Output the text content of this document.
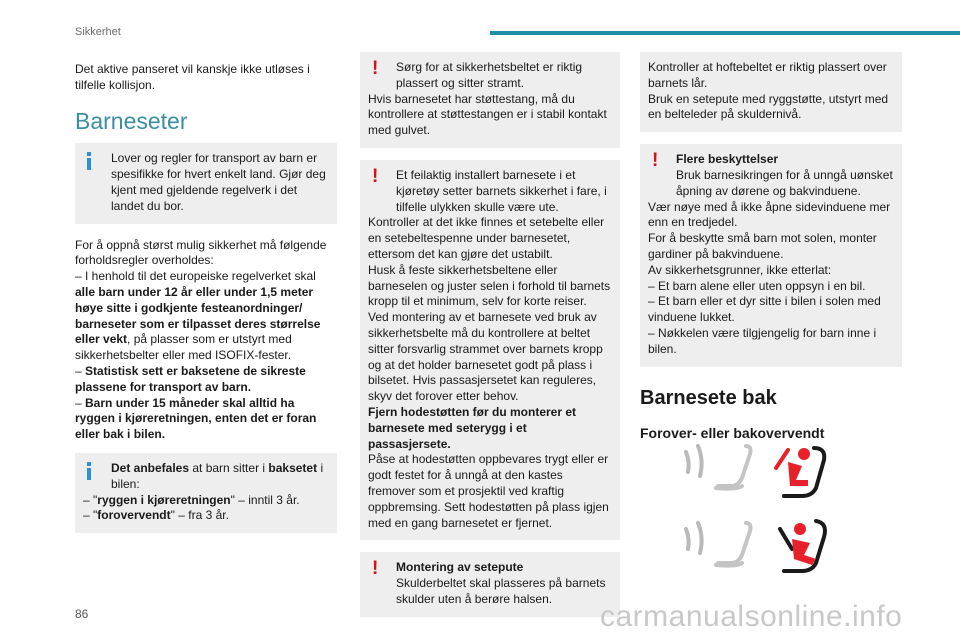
Sikkerhet

Det aktive panseret vil kanskje ikke utløses i tilfelle kollisjon.

Barneseter
Lover og regler for transport av barn er spesifikke for hvert enkelt land. Gjør deg kjent med gjeldende regelverk i det landet du bor.

For å oppnå størst mulig sikkerhet må følgende forholdsregler overholdes:

– I henhold til det europeiske regelverket skal alle barn under 12 år eller under 1,5 meter høye sitte i godkjente festeanordninger/ barneseter som er tilpasset deres størrelse eller vekt, på plasser som er utstyrt med sikkerhetsbelter eller med ISOFIX-fester.

– Statistisk sett er baksetene de sikreste plassene for transport av barn.

– Barn under 15 måneder skal alltid ha ryggen i kjøreretningen, enten det er foran eller bak i bilen.

Det anbefales at barn sitter i baksetet i bilen:

– "ryggen i kjøreretningen" – inntil 3 år.

– "forovervendt" – fra 3 år.

! Sørg for at sikkerhetsbeltet er riktig plassert og sitter stramt.

Hvis barnesetet har støttestang, må du kontrollere at støttestangen er i stabil kontakt med gulvet.

! Et feilaktig installert barnesete i et kjøretøy setter barnets sikkerhet i fare, i tilfelle ulykken skulle være ute.

Kontroller at det ikke finnes et setebelte eller en setebeltespenne under barnesetet, ettersom det kan gjøre det ustabilt.

Husk å feste sikkerhetsbeltene eller barneselen og juster selen i forhold til barnets kropp til et minimum, selv for korte reiser.

Ved montering av et barnesete ved bruk av sikkerhetsbelte må du kontrollere at beltet sitter forsvarlig strammet over barnets kropp og at det holder barnesetet godt på plass i bilsetet. Hvis passasjersetet kan reguleres, skyv det forover etter behov.

Fjern hodestøtten før du monterer et barnesete med seterygg i et passasjersete.

Påse at hodestøtten oppbevares trygt eller er godt festet for å unngå at den kastes fremover som et prosjektil ved kraftig oppbremsing. Sett hodestøtten på plass igjen med en gang barnesetet er fjernet.

! Montering av setepute
Skulderbeltet skal plasseres på barnets skulder uten å berøre halsen.

Kontroller at hoftebeltet er riktig plassert over barnets lår.

Bruk en setepute med ryggstøtte, utstyrt med en belteleder på skuldernivå.

! Flere beskyttelser
Bruk barnesikringen for å unngå uønsket åpning av dørene og bakvinduene.

Vær nøye med å ikke åpne sidevinduene mer enn en tredjedel.

For å beskytte små barn mot solen, monter gardiner på bakvinduene.

Av sikkerhetsgrunner, ikke etterlat:

– Et barn alene eller uten oppsyn i en bil.

– Et barn eller et dyr sitte i bilen i solen med vinduene lukket.

– Nøkkelen være tilgjengelig for barn inne i bilen.

Barnesete bak
Forover- eller bakovervendt
86	carmanualsonline.info
